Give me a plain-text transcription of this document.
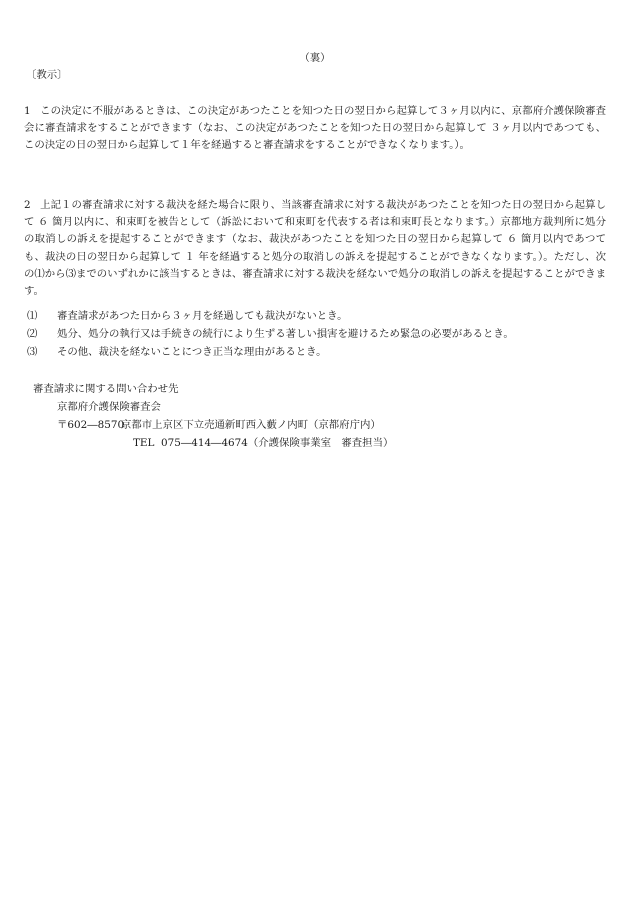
（裏）
〔教示〕
1 この決定に不服があるときは、この決定があつたことを知つた日の翌日から起算して３ヶ月以内に、京都府介護保険審査会に審査請求をすることができます（なお、この決定があつたことを知つた日の翌日から起算して ３ヶ月以内であつても、この決定の日の翌日から起算して１年を経過すると審査請求をすることができなくなります。）。
2 上記１の審査請求に対する裁決を経た場合に限り、当該審査請求に対する裁決があつたことを知つた日の翌日から起算して ６ 箇月以内に、和束町を被告として（訴訟において和束町を代表する者は和束町長となります。）京都地方裁判所に処分の取消しの訴えを提起することができます（なお、裁決があつたことを知つた日の翌日から起算して ６ 箇月以内であつても、裁決の日の翌日から起算して １ 年を経過すると処分の取消しの訴えを提起することができなくなります。）。ただし、次の⑴から⑶までのいずれかに該当するときは、審査請求に対する裁決を経ないで処分の取消しの訴えを提起することができます。
⑴ 審査請求があつた日から３ヶ月を経過しても裁決がないとき。
⑵ 処分、処分の執行又は手続きの続行により生ずる著しい損害を避けるため緊急の必要があるとき。
⑶ その他、裁決を経ないことにつき正当な理由があるとき。
審査請求に関する問い合わせ先
京都府介護保険審査会
〒602―8570京都市上京区下立売通新町西入藪ノ内町（京都府庁内）
TEL 075―414―4674（介護保険事業室　審査担当）
